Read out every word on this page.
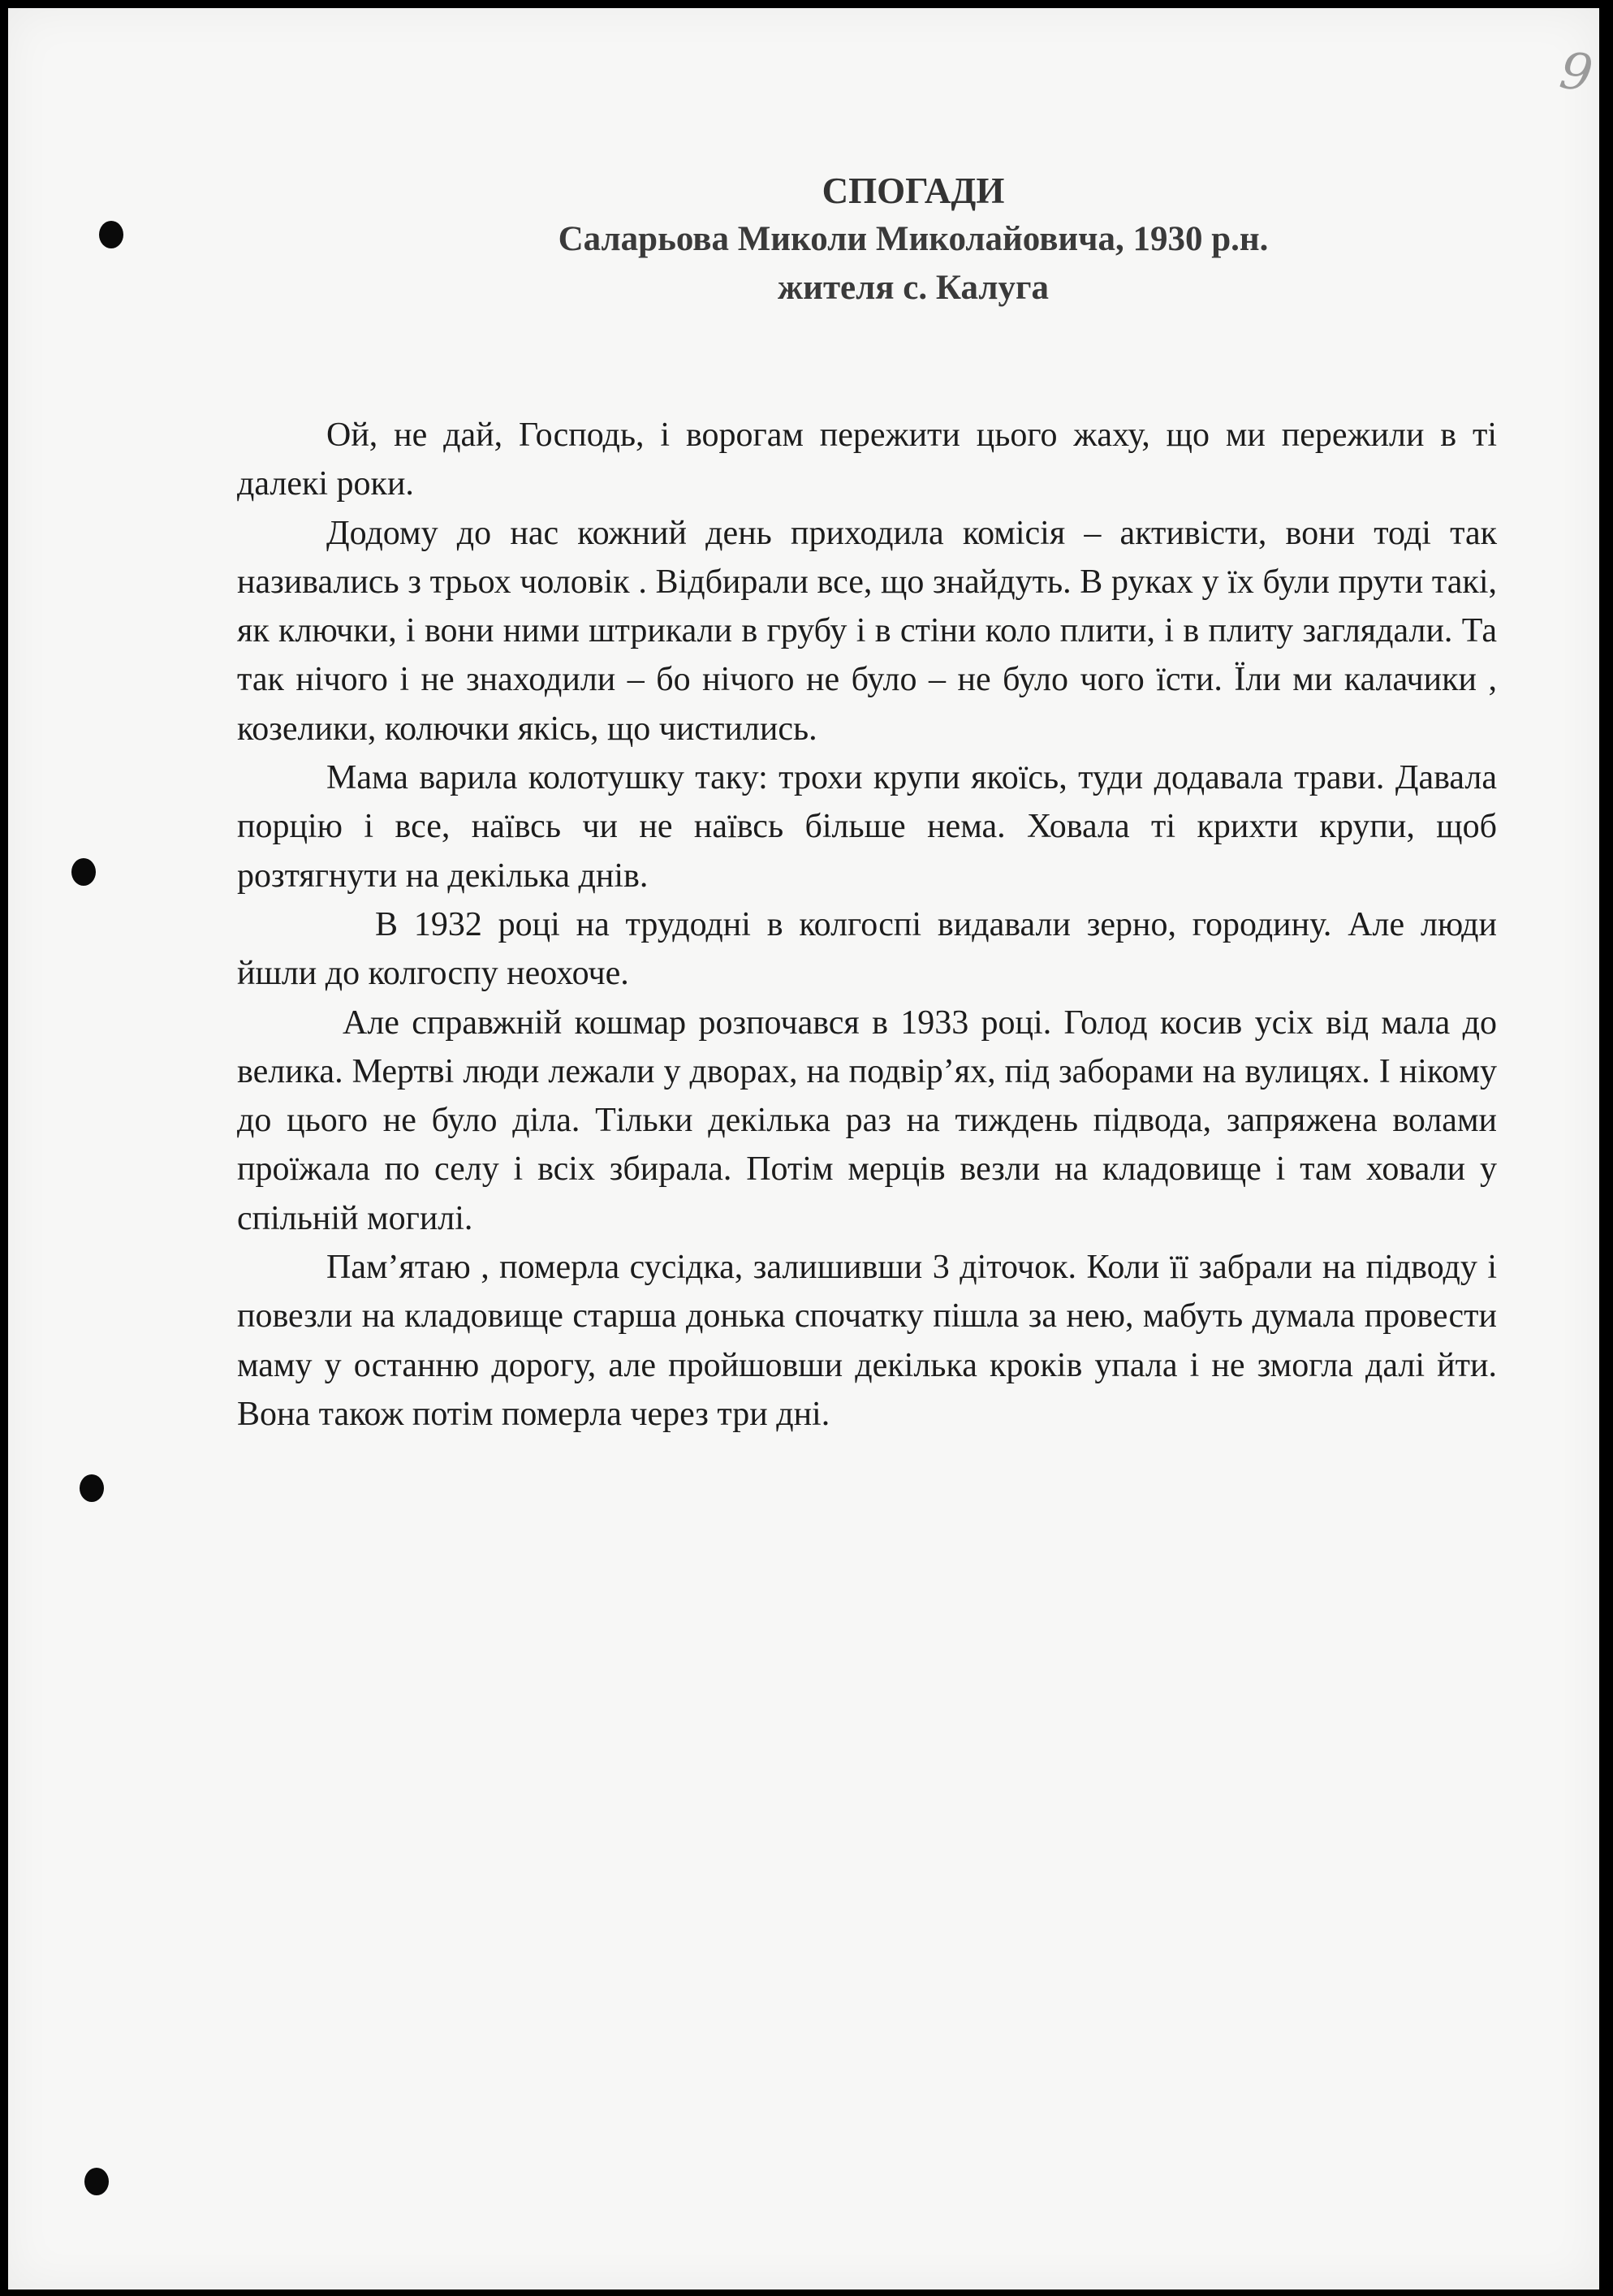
9
СПОГАДИ
Саларьова Миколи Миколайовича, 1930 р.н.
жителя с. Калуга

Ой, не дай, Господь, і ворогам пережити цього жаху, що ми пережили в ті далекі роки.

Додому до нас кожний день приходила комісія – активісти, вони тоді так називались з трьох чоловік . Відбирали все, що знайдуть. В руках у їх були прути такі, як ключки, і вони ними штрикали в грубу і в стіни коло плити, і в плиту заглядали. Та так нічого і не знаходили – бо нічого не було – не було чого їсти. Їли ми калачики , козелики, колючки якісь, що чистились.

Мама варила колотушку таку: трохи крупи якоїсь, туди додавала трави. Давала порцію і все, наївсь чи не наївсь більше нема. Ховала ті крихти крупи, щоб розтягнути на декілька днів.

В 1932 році на трудодні в колгоспі видавали зерно, городину. Але люди йшли до колгоспу неохоче.

Але справжній кошмар розпочався в 1933 році. Голод косив усіх від мала до велика. Мертві люди лежали у дворах, на подвір’ях, під заборами на вулицях. І нікому до цього не було діла. Тільки декілька раз на тиждень підвода, запряжена волами проїжала по селу і всіх збирала. Потім мерців везли на кладовище і там ховали у спільній могилі.

Пам’ятаю , померла сусідка, залишивши 3 діточок. Коли її забрали на підводу і повезли на кладовище старша донька спочатку пішла за нею, мабуть думала провести маму у останню дорогу, але пройшовши декілька кроків упала і не змогла далі йти. Вона також потім померла через три дні.
